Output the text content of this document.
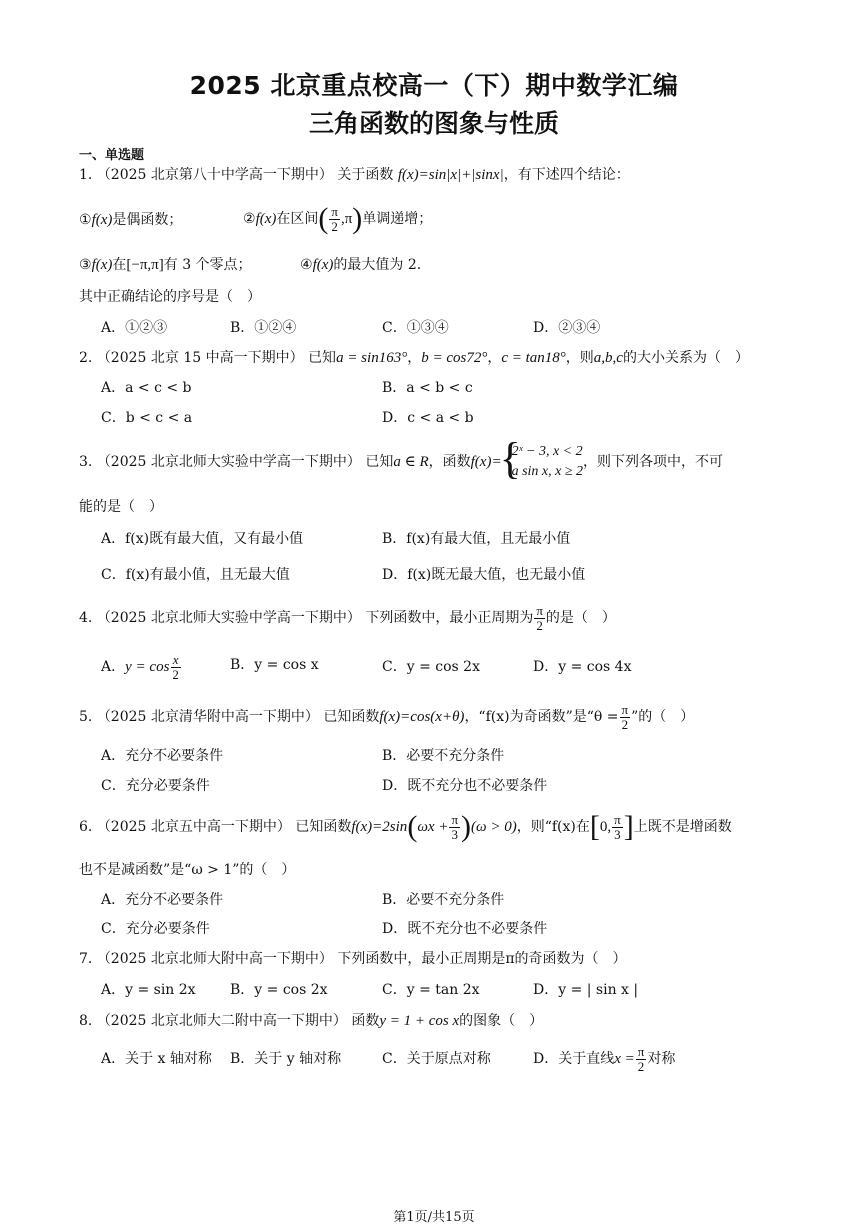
2025 北京重点校高一（下）期中数学汇编
三角函数的图象与性质
一、单选题
1. （2025 北京第八十中学高一下期中） 关于函数 f(x)=sin|x|+|sinx|，有下述四个结论：
①f(x)是偶函数；	②f(x)在区间( $\frac{\pi}{2} ,\pi$)单调递增；
③f(x)在[−π,π]有 3 个零点；	④f(x)的最大值为 2.
其中正确结论的序号是（　）
A．①②③	B．①②④	C．①③④	D．②③④
2. （2025 北京 15 中高一下期中） 已知a = sin163°，b = cos72°，c = tan18°，则a,b,c的大小关系为（　）
A．a < c < b	B．a < b < c
C．b < c < a	D．c < a < b
3. （2025 北京北师大实验中学高一下期中） 已知a ∈ R，函数f(x)=
{
2ˣ − 3, x < 2
a sin x, x ≥ 2
，则下列各项中，不可
能的是（　）
A．f(x)既有最大值，又有最小值	B．f(x)有最大值，且无最小值
C．f(x)有最小值，且无最大值	D．f(x)既无最大值，也无最小值
4. （2025 北京北师大实验中学高一下期中） 下列函数中，最小正周期为 $\frac{\pi}{2}$ 的是（　）
A．$y = \cos \frac{x}{2}$	B．y = cos x	C．y = cos 2x	D．y = cos 4x
5. （2025 北京清华附中高一下期中） 已知函数f(x)=cos(x+θ)，“f(x)为奇函数”是“$\theta = \frac{\pi}{2}$ ”的（　）
A．充分不必要条件	B．必要不充分条件
C．充分必要条件	D．既不充分也不必要条件
6. （2025 北京五中高一下期中） 已知函数$f(x)=2\sin(\omega x + \frac{\pi}{3} )(\omega > 0)$，则“f(x)在[0, $\frac{\pi}{3}$ ]上既不是增函数
也不是减函数”是“ω > 1”的（　）
A．充分不必要条件	B．必要不充分条件
C．充分必要条件	D．既不充分也不必要条件
7. （2025 北京北师大附中高一下期中） 下列函数中，最小正周期是π的奇函数为（　）
A．y = sin 2x B．y = cos 2x	C．y = tan 2x	D．y = | sin x |
8. （2025 北京北师大二附中高一下期中） 函数y = 1 + cos x的图象（　）
A．关于 x 轴对称 B．关于 y 轴对称	C．关于原点对称	D．关于直线$x = \frac{\pi}{2}$ 对称
第1页/共15页
